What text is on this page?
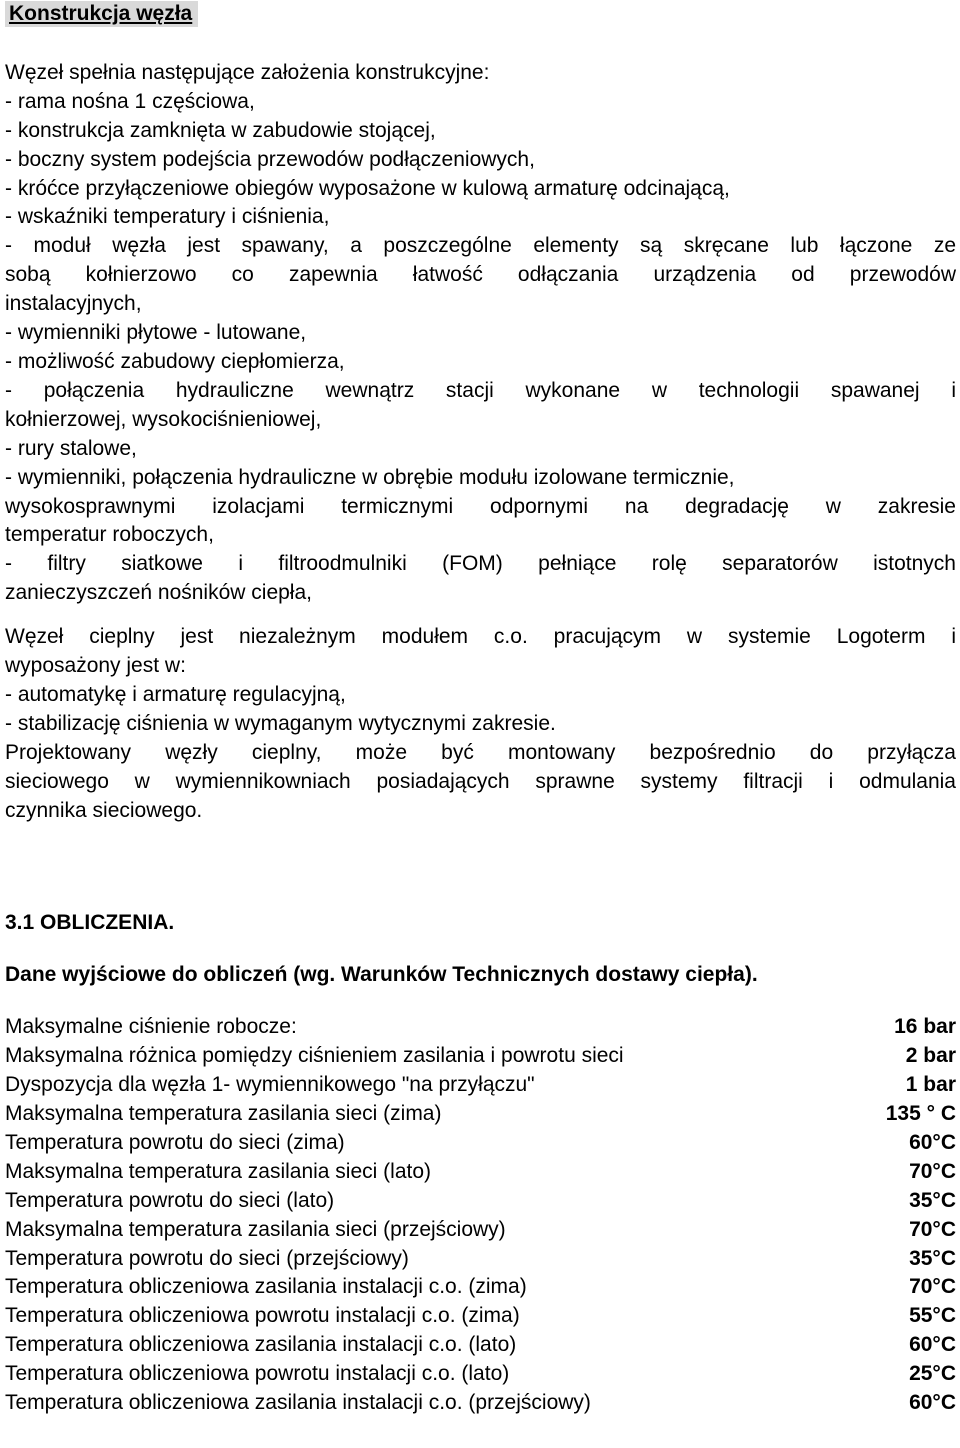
Konstrukcja węzła

Węzeł spełnia następujące założenia konstrukcyjne:

- rama nośna 1 częściowa,

- konstrukcja zamknięta w zabudowie stojącej,

- boczny system podejścia przewodów podłączeniowych,

- króćce przyłączeniowe obiegów wyposażone w kulową armaturę odcinającą,

- wskaźniki temperatury i ciśnienia,

- moduł węzła jest spawany, a poszczególne elementy są skręcane lub łączone ze

sobą kołnierzowo co zapewnia łatwość odłączania urządzenia od przewodów

instalacyjnych,

- wymienniki płytowe - lutowane,

- możliwość zabudowy ciepłomierza,

- połączenia hydrauliczne wewnątrz stacji wykonane w technologii spawanej i

kołnierzowej, wysokociśnieniowej,

- rury stalowe,

- wymienniki, połączenia hydrauliczne w obrębie modułu izolowane termicznie,

wysokosprawnymi izolacjami termicznymi odpornymi na degradację w zakresie

temperatur roboczych,

- filtry siatkowe i filtroodmulniki (FOM) pełniące rolę separatorów istotnych

zanieczyszczeń nośników ciepła,

Węzeł cieplny jest niezależnym modułem c.o. pracującym w systemie Logoterm i

wyposażony jest w:

- automatykę i armaturę regulacyjną,

- stabilizację ciśnienia w wymaganym wytycznymi zakresie.

Projektowany węzły cieplny, może być montowany bezpośrednio do przyłącza

sieciowego w wymiennikowniach posiadających sprawne systemy filtracji i odmulania

czynnika sieciowego.

3.1 OBLICZENIA.

Dane wyjściowe do obliczeń (wg. Warunków Technicznych dostawy ciepła).

Maksymalne ciśnienie robocze:	16 bar
Maksymalna różnica pomiędzy ciśnieniem zasilania i powrotu sieci	2 bar
Dyspozycja dla węzła 1- wymiennikowego "na przyłączu"	1 bar
Maksymalna temperatura zasilania sieci (zima)	135 ° C
Temperatura powrotu do sieci (zima)	60°C
Maksymalna temperatura zasilania sieci (lato)	70°C
Temperatura powrotu do sieci (lato)	35°C
Maksymalna temperatura zasilania sieci (przejściowy)	70°C
Temperatura powrotu do sieci (przejściowy)	35°C
Temperatura obliczeniowa zasilania instalacji c.o. (zima)	70°C
Temperatura obliczeniowa powrotu instalacji c.o. (zima)	55°C
Temperatura obliczeniowa zasilania instalacji c.o. (lato)	60°C
Temperatura obliczeniowa powrotu instalacji c.o. (lato)	25°C
Temperatura obliczeniowa zasilania instalacji c.o. (przejściowy)	60°C
